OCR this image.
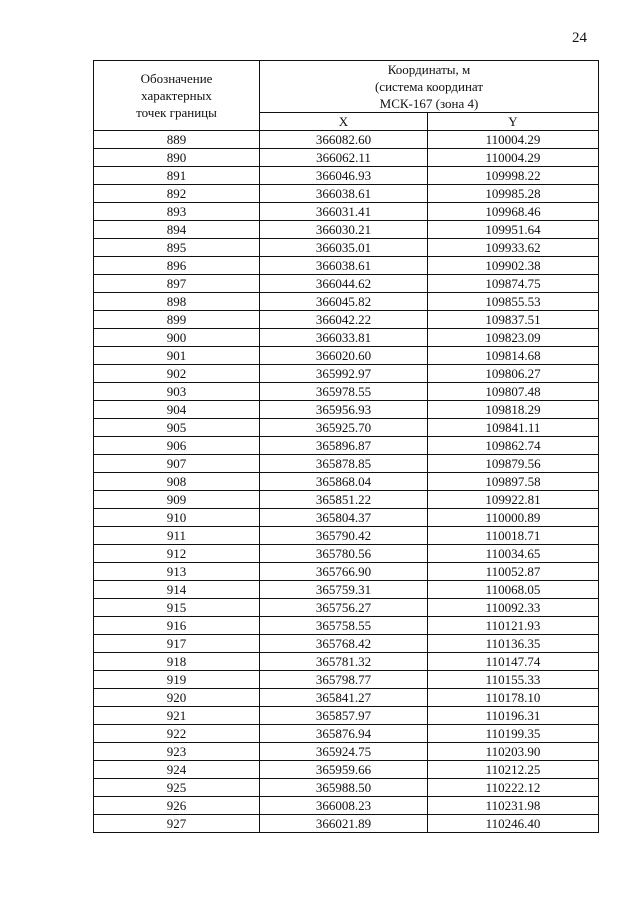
24
Обозначение
характерных
точек границы	Координаты, м
(система координат
МСК-167 (зона 4)	

	X	Y
889	366082.60	110004.29
890	366062.11	110004.29
891	366046.93	109998.22
892	366038.61	109985.28
893	366031.41	109968.46
894	366030.21	109951.64
895	366035.01	109933.62
896	366038.61	109902.38
897	366044.62	109874.75
898	366045.82	109855.53
899	366042.22	109837.51
900	366033.81	109823.09
901	366020.60	109814.68
902	365992.97	109806.27
903	365978.55	109807.48
904	365956.93	109818.29
905	365925.70	109841.11
906	365896.87	109862.74
907	365878.85	109879.56
908	365868.04	109897.58
909	365851.22	109922.81
910	365804.37	110000.89
911	365790.42	110018.71
912	365780.56	110034.65
913	365766.90	110052.87
914	365759.31	110068.05
915	365756.27	110092.33
916	365758.55	110121.93
917	365768.42	110136.35
918	365781.32	110147.74
919	365798.77	110155.33
920	365841.27	110178.10
921	365857.97	110196.31
922	365876.94	110199.35
923	365924.75	110203.90
924	365959.66	110212.25
925	365988.50	110222.12
926	366008.23	110231.98
927	366021.89	110246.40
